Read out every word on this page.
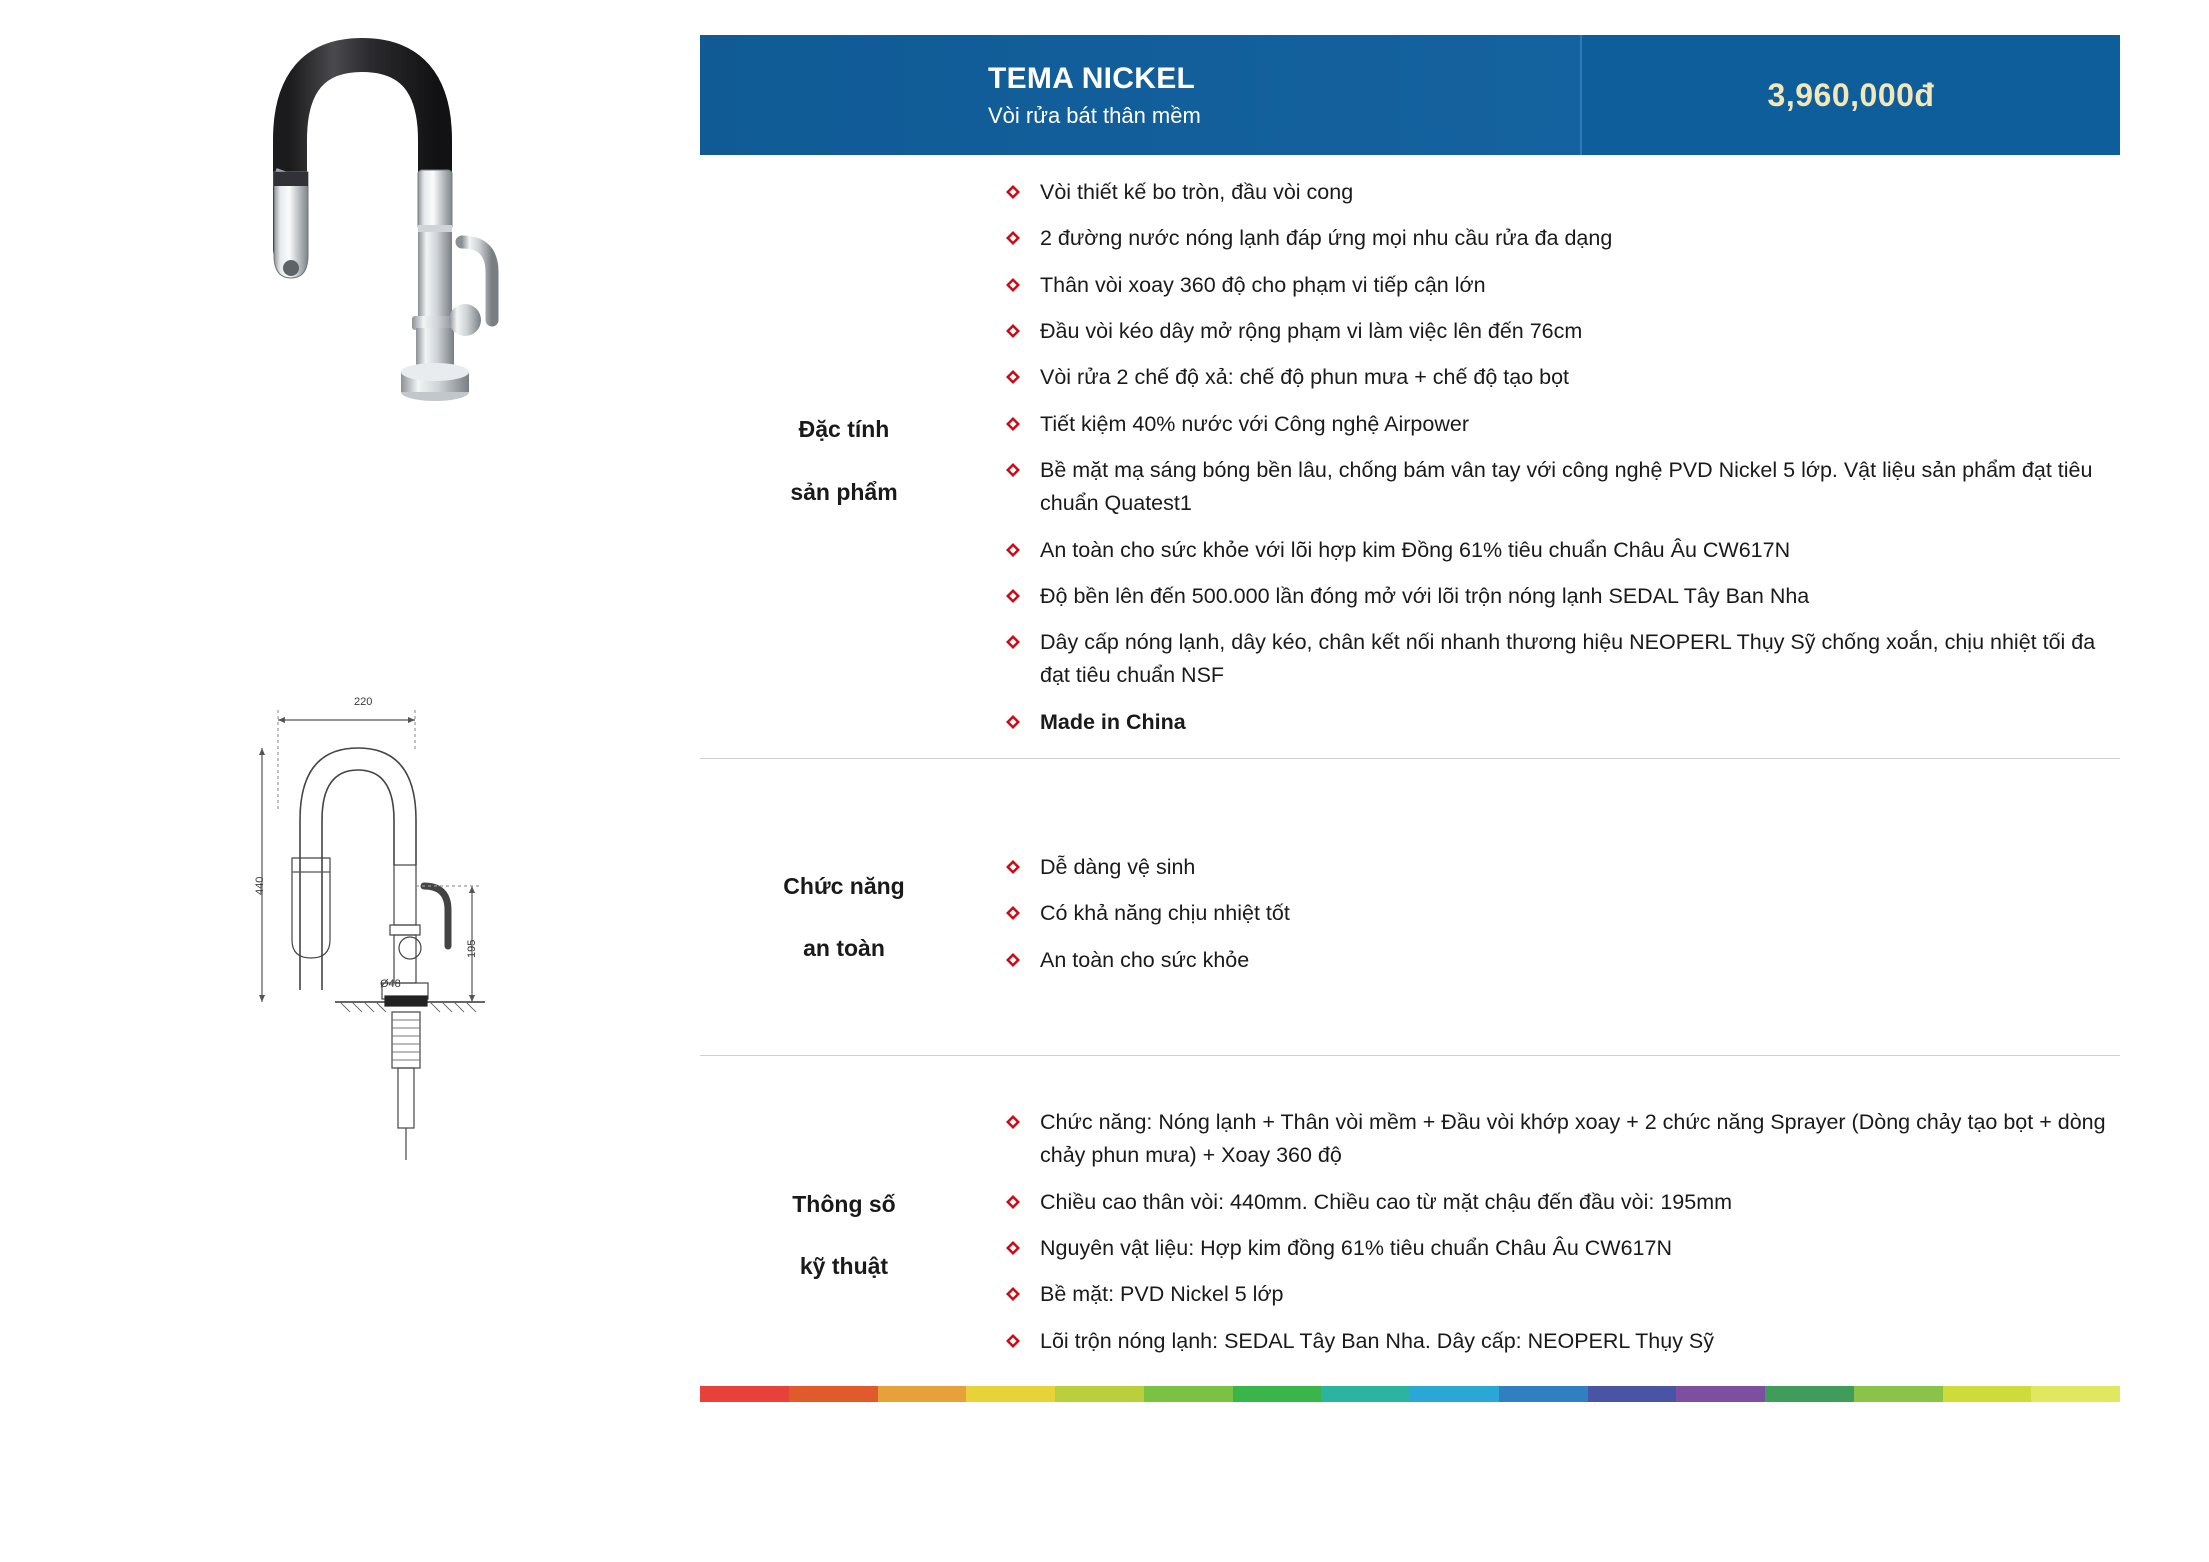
220
440
195
Ø48
TEMA NICKEL
Vòi rửa bát thân mềm
3,960,000đ
Đặc tính

sản phẩm
Vòi thiết kế bo tròn, đầu vòi cong
2 đường nước nóng lạnh đáp ứng mọi nhu cầu rửa đa dạng
Thân vòi xoay 360 độ cho phạm vi tiếp cận lớn
Đầu vòi kéo dây mở rộng phạm vi làm việc lên đến 76cm
Vòi rửa 2 chế độ xả: chế độ phun mưa + chế độ tạo bọt
Tiết kiệm 40% nước với Công nghệ Airpower
Bề mặt mạ sáng bóng bền lâu, chống bám vân tay với công nghệ PVD Nickel 5 lớp. Vật liệu sản phẩm đạt tiêu chuẩn Quatest1
An toàn cho sức khỏe với lõi hợp kim Đồng 61% tiêu chuẩn Châu Âu CW617N
Độ bền lên đến 500.000 lần đóng mở với lõi trộn nóng lạnh SEDAL Tây Ban Nha
Dây cấp nóng lạnh, dây kéo, chân kết nối nhanh thương hiệu NEOPERL Thụy Sỹ chống xoắn, chịu nhiệt tối đa đạt tiêu chuẩn NSF
Made in China
Chức năng

an toàn
Dễ dàng vệ sinh
Có khả năng chịu nhiệt tốt
An toàn cho sức khỏe
Thông số

kỹ thuật
Chức năng: Nóng lạnh + Thân vòi mềm + Đầu vòi khớp xoay + 2 chức năng Sprayer (Dòng chảy tạo bọt + dòng chảy phun mưa) + Xoay 360 độ
Chiều cao thân vòi: 440mm. Chiều cao từ mặt chậu đến đầu vòi: 195mm
Nguyên vật liệu: Hợp kim đồng 61% tiêu chuẩn Châu Âu CW617N
Bề mặt: PVD Nickel 5 lớp
Lõi trộn nóng lạnh: SEDAL Tây Ban Nha. Dây cấp: NEOPERL Thụy Sỹ
